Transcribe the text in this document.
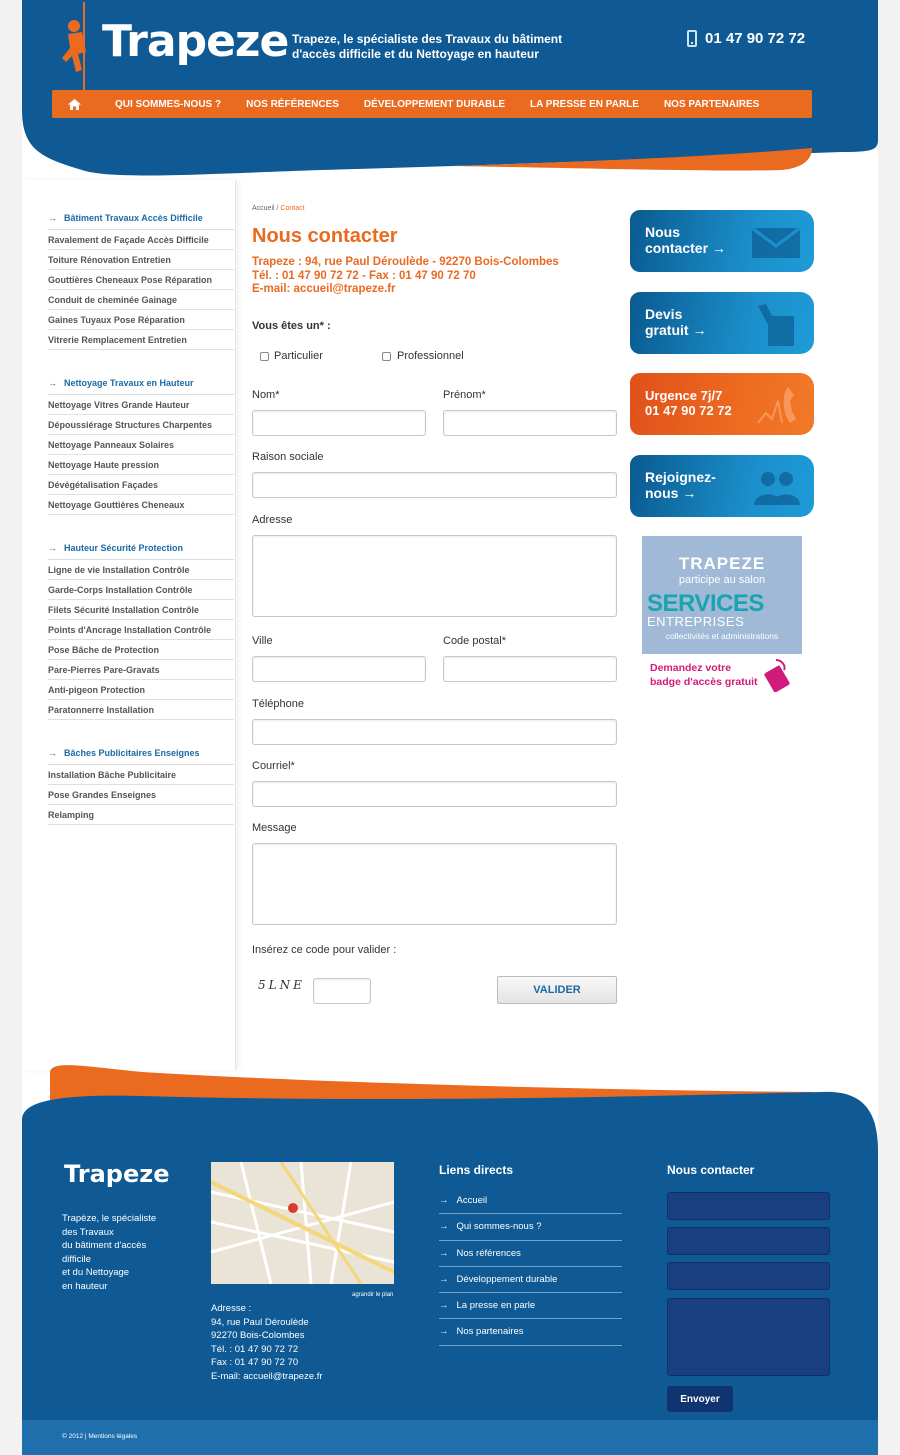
Trapeze Trapeze, le spécialiste des Travaux du bâtiment d'accès difficile et du Nettoyage en hauteur
01 47 90 72 72
QUI SOMMES-NOUS ?	NOS RÉFÉRENCES	DÉVELOPPEMENT DURABLE	LA PRESSE EN PARLE	NOS PARTENAIRES
→ Bâtiment Travaux Accès Difficile
Ravalement de Façade Accès Difficile
Toiture Rénovation Entretien
Gouttières Cheneaux Pose Réparation
Conduit de cheminée Gainage
Gaines Tuyaux Pose Réparation
Vitrerie Remplacement Entretien
→ Nettoyage Travaux en Hauteur
Nettoyage Vitres Grande Hauteur
Dépoussiérage Structures Charpentes
Nettoyage Panneaux Solaires
Nettoyage Haute pression
Dévégétalisation Façades
Nettoyage Gouttières Cheneaux
→ Hauteur Sécurité Protection
Ligne de vie Installation Contrôle
Garde-Corps Installation Contrôle
Filets Sécurité Installation Contrôle
Points d'Ancrage Installation Contrôle
Pose Bâche de Protection
Pare-Pierres Pare-Gravats
Anti-pigeon Protection
Paratonnerre Installation
→ Bâches Publicitaires Enseignes
Installation Bâche Publicitaire
Pose Grandes Enseignes
Relamping
Accueil / Contact
Nous contacter
Trapeze : 94, rue Paul Déroulède - 92270 Bois-Colombes
Tél. : 01 47 90 72 72 - Fax : 01 47 90 72 70
E-mail: accueil@trapeze.fr
Vous êtes un* :
Particulier	Professionnel
Nom*	Prénom*
Raison sociale
Adresse
Ville	Code postal*
Téléphone
Courriel*
Message
Insérez ce code pour valider :
5LNE	VALIDER
Nous
contacter →
Devis
gratuit →
Urgence 7j/7
01 47 90 72 72
Rejoignez-
nous →
TRAPEZE
participe au salon
SERVICES
ENTREPRISES
collectivités et administrations
Demandez votre
badge d'accès gratuit
Trapeze
Trapèze, le spécialiste
des Travaux
du bâtiment d'accès
difficile
et du Nettoyage
en hauteur
agrandir le plan
Adresse :
94, rue Paul Déroulède
92270 Bois-Colombes
Tél. : 01 47 90 72 72
Fax : 01 47 90 72 70
E-mail: accueil@trapeze.fr
Liens directs
→ Accueil
→ Qui sommes-nous ?
→ Nos références
→ Développement durable
→ La presse en parle
→ Nos partenaires
Nous contacter
Envoyer
© 2012 | Mentions légales
